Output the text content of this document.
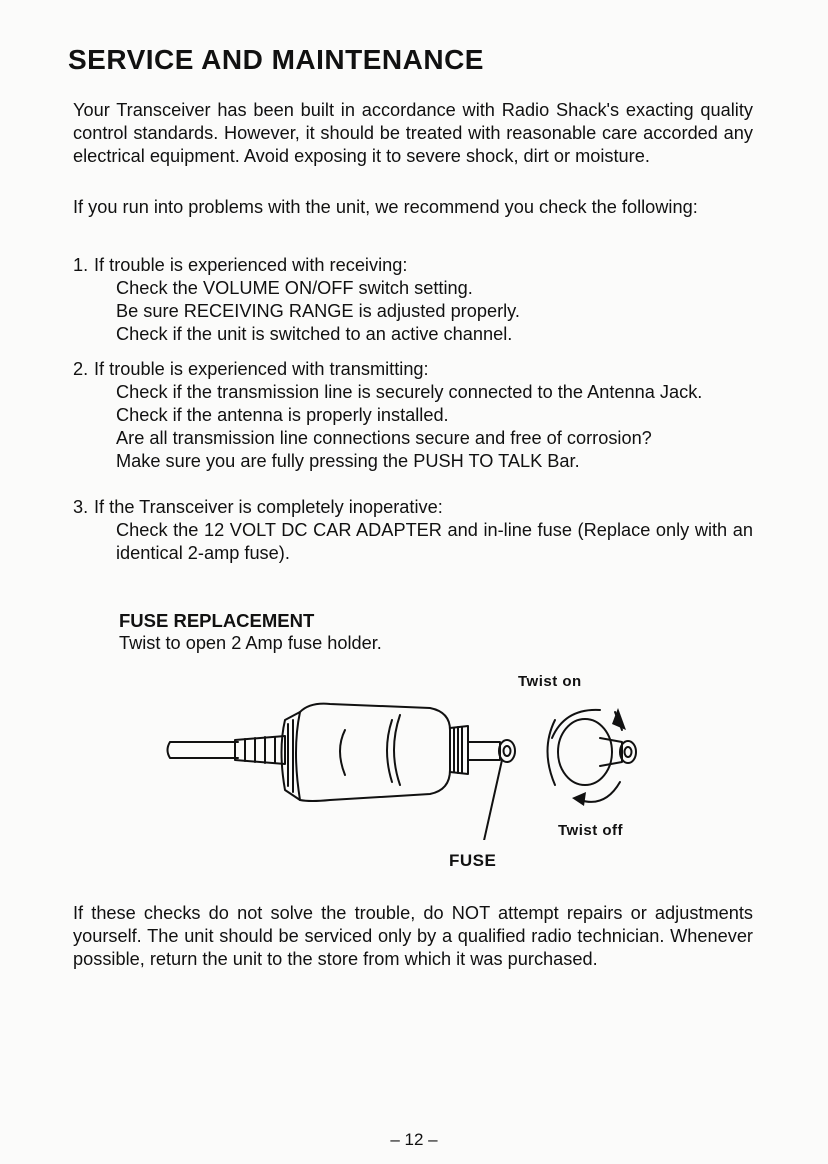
SERVICE AND MAINTENANCE

Your Transceiver has been built in accordance with Radio Shack's exacting quality control standards. However, it should be treated with reasonable care accorded any electrical equipment. Avoid exposing it to severe shock, dirt or moisture.

If you run into problems with the unit, we recommend you check the following:

1. If trouble is experienced with receiving:
Check the VOLUME ON/OFF switch setting.
Be sure RECEIVING RANGE is adjusted properly.
Check if the unit is switched to an active channel.
2. If trouble is experienced with transmitting:
Check if the transmission line is securely connected to the Antenna Jack.
Check if the antenna is properly installed.
Are all transmission line connections secure and free of corrosion?
Make sure you are fully pressing the PUSH TO TALK Bar.
3. If the Transceiver is completely inoperative:
Check the 12 VOLT DC CAR ADAPTER and in-line fuse (Replace only with an identical 2-amp fuse).
FUSE REPLACEMENT
Twist to open 2 Amp fuse holder.
Twist on
Twist off
FUSE

If these checks do not solve the trouble, do NOT attempt repairs or adjustments yourself. The unit should be serviced only by a qualified radio technician. Whenever possible, return the unit to the store from which it was purchased.

– 12 –
